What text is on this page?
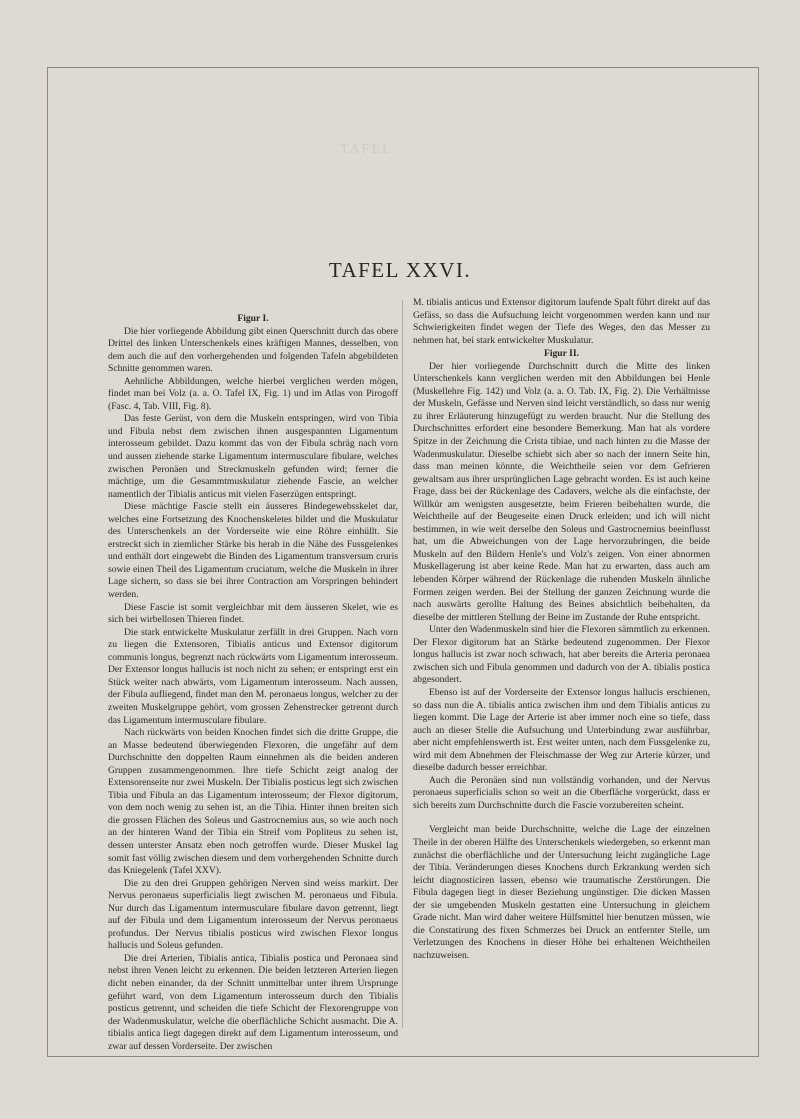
TAFEL
TAFEL XXVI.

Figur I.

Die hier vorliegende Abbildung gibt einen Querschnitt durch das obere Drittel des linken Unterschenkels eines kräftigen Mannes, desselben, von dem auch die auf den vorhergehenden und folgenden Tafeln abgebildeten Schnitte genommen waren.

Aehnliche Abbildungen, welche hierbei verglichen werden mögen, findet man bei Volz (a. a. O. Tafel IX, Fig. 1) und im Atlas von Pirogoff (Fasc. 4, Tab. VIII, Fig. 8).

Das feste Gerüst, von dem die Muskeln entspringen, wird von Tibia und Fibula nebst dem zwischen ihnen ausgespannten Ligamentum interosseum gebildet. Dazu kommt das von der Fibula schräg nach vorn und aussen ziehende starke Ligamentum intermusculare fibulare, welches zwischen Peronäen und Streckmuskeln gefunden wird; ferner die mächtige, um die Gesammtmuskulatur ziehende Fascie, an welcher namentlich der Tibialis anticus mit vielen Faserzügen entspringt.

Diese mächtige Fascie stellt ein äusseres Bindegewebsskelet dar, welches eine Fortsetzung des Knochenskeletes bildet und die Muskulatur des Unterschenkels an der Vorderseite wie eine Röhre einhüllt. Sie erstreckt sich in ziemlicher Stärke bis herab in die Nähe des Fussgelenkes und enthält dort eingewebt die Binden des Ligamentum transversum cruris sowie einen Theil des Ligamentum cruciatum, welche die Muskeln in ihrer Lage sichern, so dass sie bei ihrer Contraction am Vorspringen behindert werden.

Diese Fascie ist somit vergleichbar mit dem äusseren Skelet, wie es sich bei wirbellosen Thieren findet.

Die stark entwickelte Muskulatur zerfällt in drei Gruppen. Nach vorn zu liegen die Extensoren, Tibialis anticus und Extensor digitorum communis longus, begrenzt nach rückwärts vom Ligamentum interosseum. Der Extensor longus hallucis ist noch nicht zu sehen; er entspringt erst ein Stück weiter nach abwärts, vom Ligamentum interosseum. Nach aussen, der Fibula aufliegend, findet man den M. peronaeus longus, welcher zu der zweiten Muskelgruppe gehört, vom grossen Zehenstrecker getrennt durch das Ligamentum intermusculare fibulare.

Nach rückwärts von beiden Knochen findet sich die dritte Gruppe, die an Masse bedeutend überwiegenden Flexoren, die ungefähr auf dem Durchschnitte den doppelten Raum einnehmen als die beiden anderen Gruppen zusammengenommen. Ihre tiefe Schicht zeigt analog der Extensorenseite nur zwei Muskeln. Der Tibialis posticus legt sich zwischen Tibia und Fibula an das Ligamentum interosseum; der Flexor digitorum, von dem noch wenig zu sehen ist, an die Tibia. Hinter ihnen breiten sich die grossen Flächen des Soleus und Gastrocnemius aus, so wie auch noch an der hinteren Wand der Tibia ein Streif vom Popliteus zu sehen ist, dessen unterster Ansatz eben noch getroffen wurde. Dieser Muskel lag somit fast völlig zwischen diesem und dem vorhergehenden Schnitte durch das Kniegelenk (Tafel XXV).

Die zu den drei Gruppen gehörigen Nerven sind weiss markirt. Der Nervus peronaeus superficialis liegt zwischen M. peronaeus und Fibula. Nur durch das Ligamentum intermusculare fibulare davon getrennt, liegt auf der Fibula und dem Ligamentum interosseum der Nervus peronaeus profundus. Der Nervus tibialis posticus wird zwischen Flexor longus hallucis und Soleus gefunden.

Die drei Arterien, Tibialis antica, Tibialis postica und Peronaea sind nebst ihren Venen leicht zu erkennen. Die beiden letzteren Arterien liegen dicht neben einander, da der Schnitt unmittelbar unter ihrem Ursprunge geführt ward, von dem Ligamentum interosseum durch den Tibialis posticus getrennt, und scheiden die tiefe Schicht der Flexorengruppe von der Wadenmuskulatur, welche die oberflächliche Schicht ausmacht. Die A. tibialis antica liegt dagegen direkt auf dem Ligamentum interosseum, und zwar auf dessen Vorderseite. Der zwischen

M. tibialis anticus und Extensor digitorum laufende Spalt führt direkt auf das Gefäss, so dass die Aufsuchung leicht vorgenommen werden kann und nur Schwierigkeiten findet wegen der Tiefe des Weges, den das Messer zu nehmen hat, bei stark entwickelter Muskulatur.

Figur II.

Der hier vorliegende Durchschnitt durch die Mitte des linken Unterschenkels kann verglichen werden mit den Abbildungen bei Henle (Muskellehre Fig. 142) und Volz (a. a. O. Tab. IX, Fig. 2). Die Verhältnisse der Muskeln, Gefässe und Nerven sind leicht verständlich, so dass nur wenig zu ihrer Erläuterung hinzugefügt zu werden braucht. Nur die Stellung des Durchschnittes erfordert eine besondere Bemerkung. Man hat als vordere Spitze in der Zeichnung die Crista tibiae, und nach hinten zu die Masse der Wadenmuskulatur. Dieselbe schiebt sich aber so nach der innern Seite hin, dass man meinen könnte, die Weichtheile seien vor dem Gefrieren gewaltsam aus ihrer ursprünglichen Lage gebracht worden. Es ist auch keine Frage, dass bei der Rückenlage des Cadavers, welche als die einfachste, der Willkür am wenigsten ausgesetzte, beim Frieren beibehalten wurde, die Weichtheile auf der Beugeseite einen Druck erleiden; und ich will nicht bestimmen, in wie weit derselbe den Soleus und Gastrocnemius beeinflusst hat, um die Abweichungen von der Lage hervorzubringen, die beide Muskeln auf den Bildern Henle's und Volz's zeigen. Von einer abnormen Muskellagerung ist aber keine Rede. Man hat zu erwarten, dass auch am lebenden Körper während der Rückenlage die ruhenden Muskeln ähnliche Formen zeigen werden. Bei der Stellung der ganzen Zeichnung wurde die nach auswärts gerollte Haltung des Beines absichtlich beibehalten, da dieselbe der mittleren Stellung der Beine im Zustande der Ruhe entspricht.

Unter den Wadenmuskeln sind hier die Flexoren sämmtlich zu erkennen. Der Flexor digitorum hat an Stärke bedeutend zugenommen. Der Flexor longus hallucis ist zwar noch schwach, hat aber bereits die Arteria peronaea zwischen sich und Fibula genommen und dadurch von der A. tibialis postica abgesondert.

Ebenso ist auf der Vorderseite der Extensor longus hallucis erschienen, so dass nun die A. tibialis antica zwischen ihm und dem Tibialis anticus zu liegen kommt. Die Lage der Arterie ist aber immer noch eine so tiefe, dass auch an dieser Stelle die Aufsuchung und Unterbindung zwar ausführbar, aber nicht empfehlenswerth ist. Erst weiter unten, nach dem Fussgelenke zu, wird mit dem Abnehmen der Fleischmasse der Weg zur Arterie kürzer, und dieselbe dadurch besser erreichbar.

Auch die Peronäen sind nun vollständig vorhanden, und der Nervus peronaeus superficialis schon so weit an die Oberfläche vorgerückt, dass er sich bereits zum Durchschnitte durch die Fascie vorzubereiten scheint.

Vergleicht man beide Durchschnitte, welche die Lage der einzelnen Theile in der oberen Hälfte des Unterschenkels wiedergeben, so erkennt man zunächst die oberflächliche und der Untersuchung leicht zugängliche Lage der Tibia. Veränderungen dieses Knochens durch Erkrankung werden sich leicht diagnosticiren lassen, ebenso wie traumatische Zerstörungen. Die Fibula dagegen liegt in dieser Beziehung ungünstiger. Die dicken Massen der sie umgebenden Muskeln gestatten eine Untersuchung in gleichem Grade nicht. Man wird daher weitere Hülfsmittel hier benutzen müssen, wie die Constatirung des fixen Schmerzes bei Druck an entfernter Stelle, um Verletzungen des Knochens in dieser Höhe bei erhaltenen Weichtheilen nachzuweisen.
